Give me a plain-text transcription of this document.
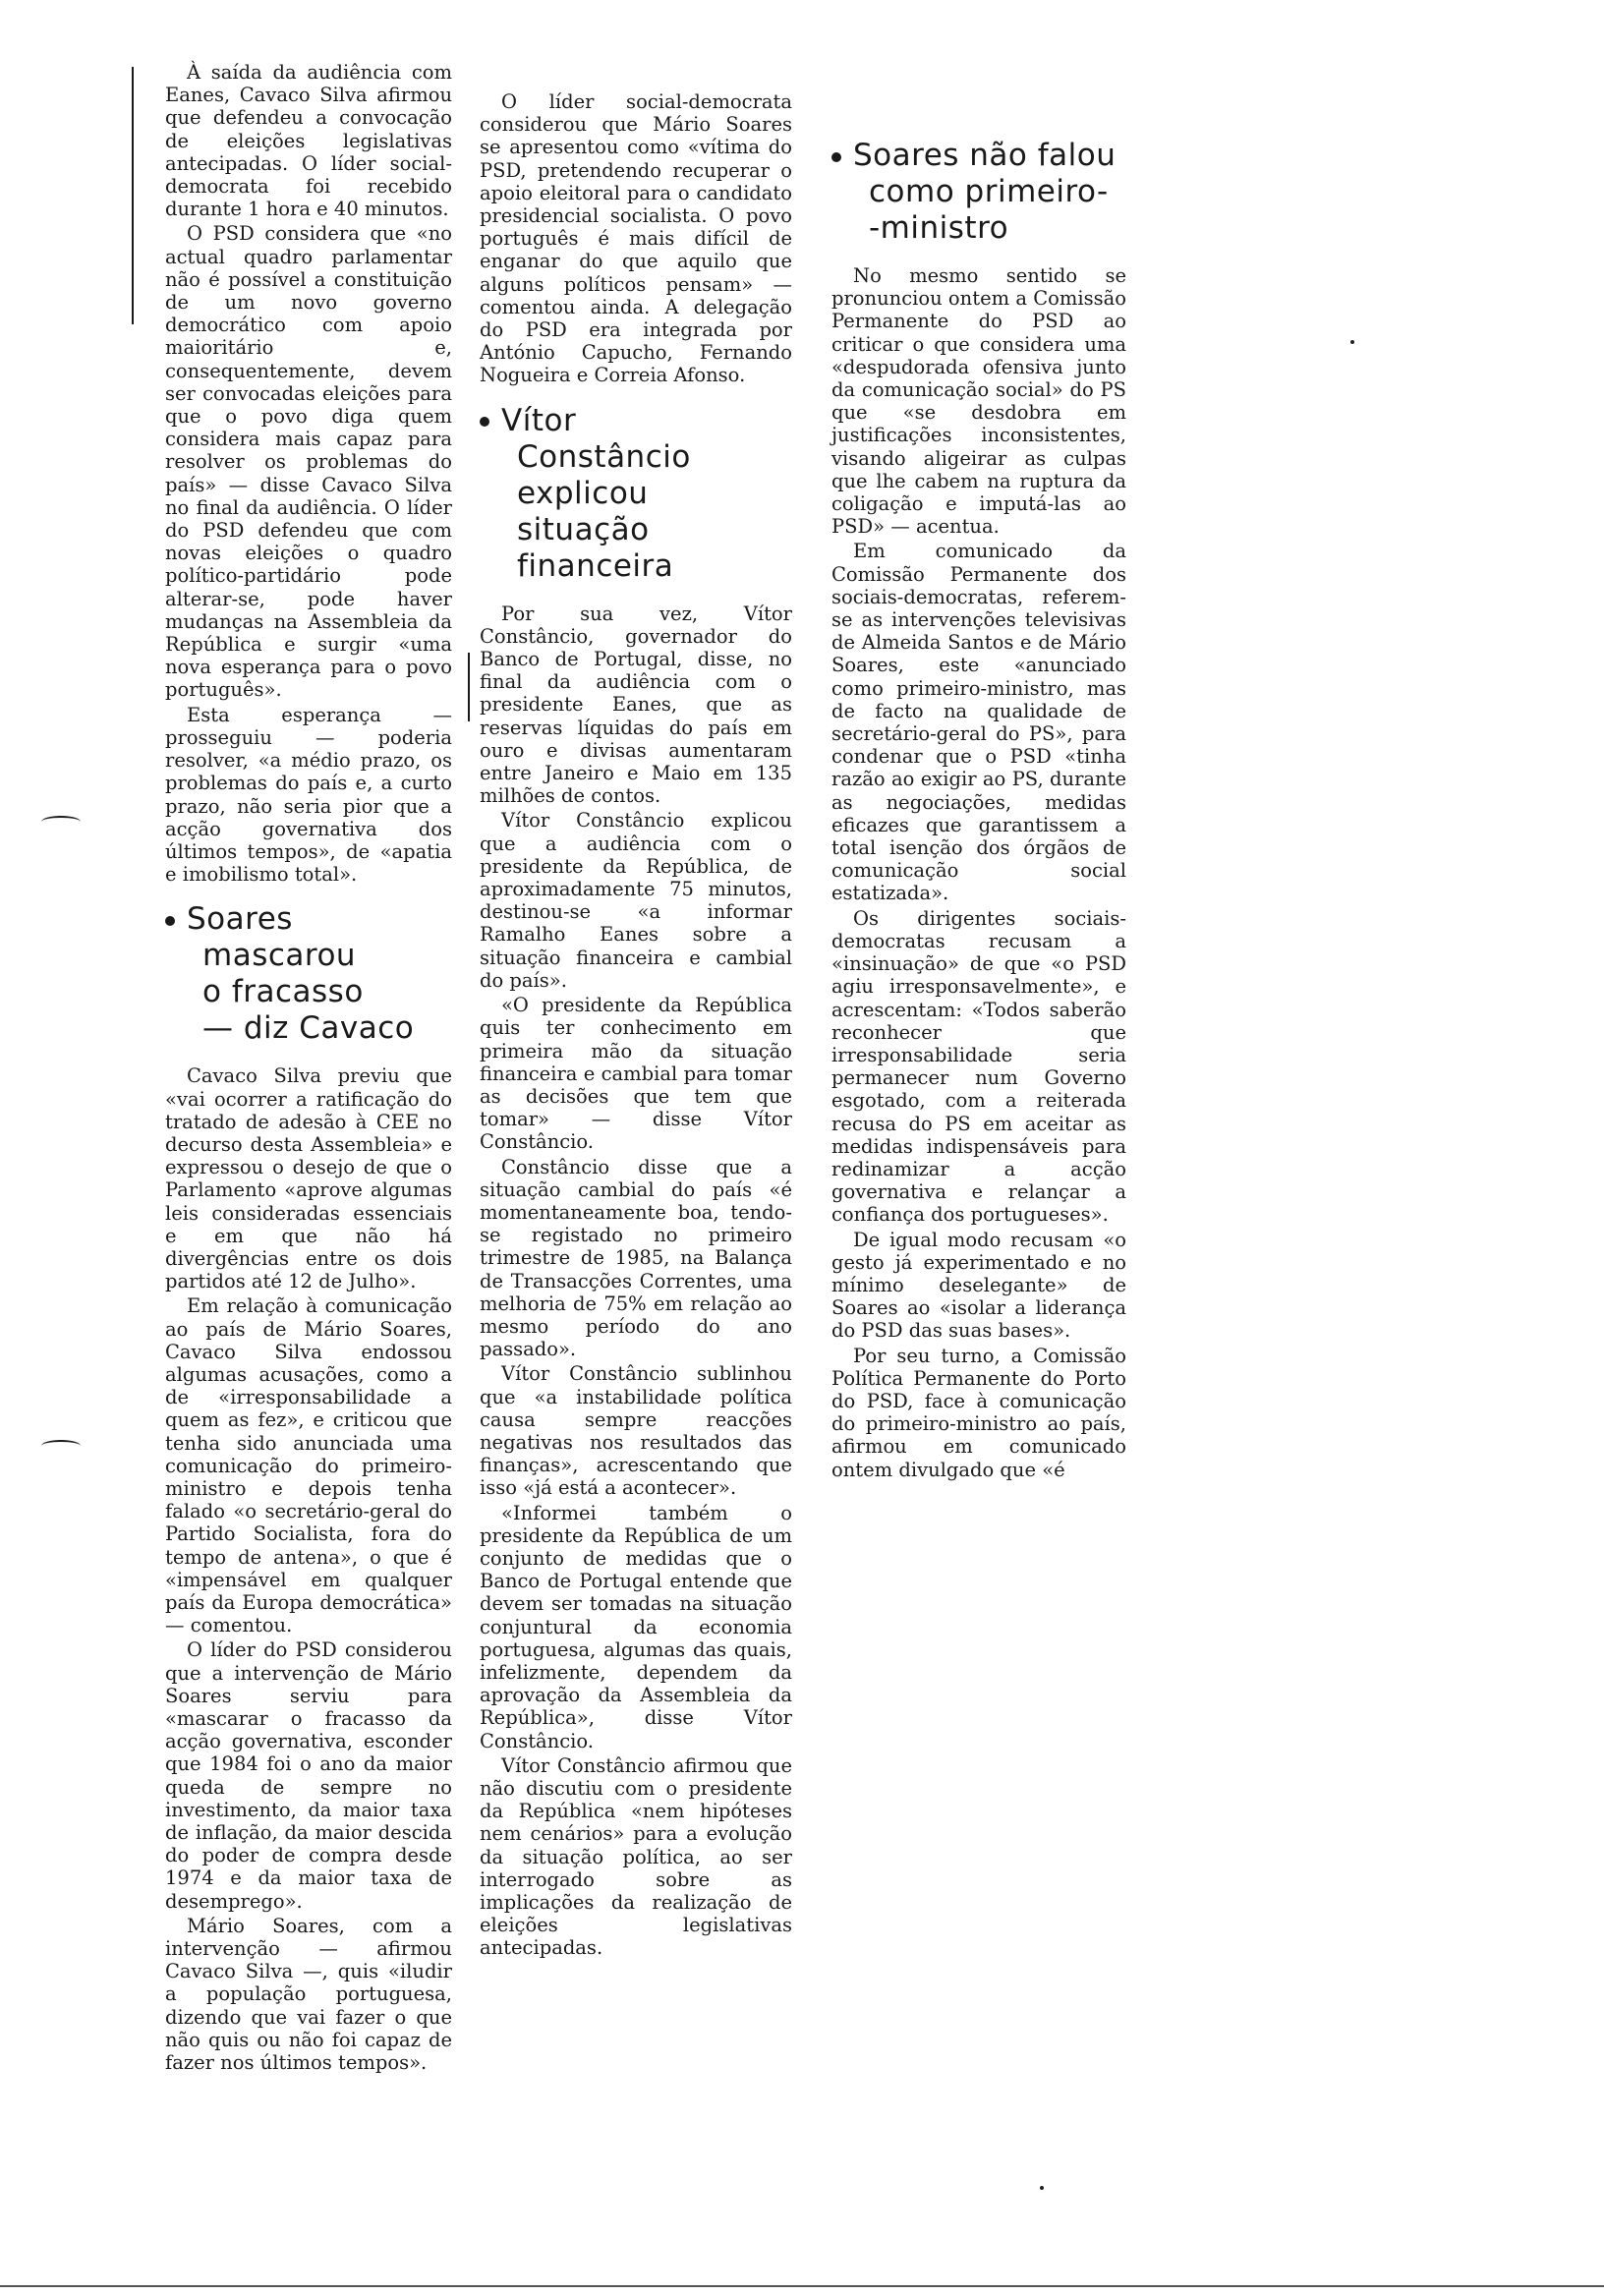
À saída da audiência com Eanes, Cavaco Silva afirmou que defendeu a convocação de eleições legislativas antecipadas. O líder social-democrata foi recebido durante 1 hora e 40 minutos.

O PSD considera que «no actual quadro parlamentar não é possível a constituição de um novo governo democrático com apoio maioritário e, consequentemente, devem ser convocadas eleições para que o povo diga quem considera mais capaz para resolver os problemas do país» — disse Cavaco Silva no final da audiência. O líder do PSD defendeu que com novas eleições o quadro político-partidário pode alterar-se, pode haver mudanças na Assembleia da República e surgir «uma nova esperança para o povo português».

Esta esperança — prosseguiu — poderia resolver, «a médio prazo, os problemas do país e, a curto prazo, não seria pior que a acção governativa dos últimos tempos», de «apatia e imobilismo total».

Soares
mascarou
o fracasso
— diz Cavaco

Cavaco Silva previu que «vai ocorrer a ratificação do tratado de adesão à CEE no decurso desta Assembleia» e expressou o desejo de que o Parlamento «aprove algumas leis consideradas essenciais e em que não há divergências entre os dois partidos até 12 de Julho».

Em relação à comunicação ao país de Mário Soares, Cavaco Silva endossou algumas acusações, como a de «irresponsabilidade a quem as fez», e criticou que tenha sido anunciada uma comunicação do primeiro-ministro e depois tenha falado «o secretário-geral do Partido Socialista, fora do tempo de antena», o que é «impensável em qualquer país da Europa democrática» — comentou.

O líder do PSD considerou que a intervenção de Mário Soares serviu para «mascarar o fracasso da acção governativa, esconder que 1984 foi o ano da maior queda de sempre no investimento, da maior taxa de inflação, da maior descida do poder de compra desde 1974 e da maior taxa de desemprego».

Mário Soares, com a intervenção — afirmou Cavaco Silva —, quis «iludir a população portuguesa, dizendo que vai fazer o que não quis ou não foi capaz de fazer nos últimos tempos».

O líder social-democrata considerou que Mário Soares se apresentou como «vítima do PSD, pretendendo recuperar o apoio eleitoral para o candidato presidencial socialista. O povo português é mais difícil de enganar do que aquilo que alguns políticos pensam» — comentou ainda. A delegação do PSD era integrada por António Capucho, Fernando Nogueira e Correia Afonso.

Vítor
Constâncio
explicou
situação
financeira

Por sua vez, Vítor Constâncio, governador do Banco de Portugal, disse, no final da audiência com o presidente Eanes, que as reservas líquidas do país em ouro e divisas aumentaram entre Janeiro e Maio em 135 milhões de contos.

Vítor Constâncio explicou que a audiência com o presidente da República, de aproximadamente 75 minutos, destinou-se «a informar Ramalho Eanes sobre a situação financeira e cambial do país».

«O presidente da República quis ter conhecimento em primeira mão da situação financeira e cambial para tomar as decisões que tem que tomar» — disse Vítor Constâncio.

Constâncio disse que a situação cambial do país «é momentaneamente boa, tendo-se registado no primeiro trimestre de 1985, na Balança de Transacções Correntes, uma melhoria de 75% em relação ao mesmo período do ano passado».

Vítor Constâncio sublinhou que «a instabilidade política causa sempre reacções negativas nos resultados das finanças», acrescentando que isso «já está a acontecer».

«Informei também o presidente da República de um conjunto de medidas que o Banco de Portugal entende que devem ser tomadas na situação conjuntural da economia portuguesa, algumas das quais, infelizmente, dependem da aprovação da Assembleia da República», disse Vítor Constâncio.

Vítor Constâncio afirmou que não discutiu com o presidente da República «nem hipóteses nem cenários» para a evolução da situação política, ao ser interrogado sobre as implicações da realização de eleições legislativas antecipadas.

Soares não falou
como primeiro-
-ministro

No mesmo sentido se pronunciou ontem a Comissão Permanente do PSD ao criticar o que considera uma «despudorada ofensiva junto da comunicação social» do PS que «se desdobra em justificações inconsistentes, visando aligeirar as culpas que lhe cabem na ruptura da coligação e imputá-las ao PSD» — acentua.

Em comunicado da Comissão Permanente dos sociais-democratas, referem-se as intervenções televisivas de Almeida Santos e de Mário Soares, este «anunciado como primeiro-ministro, mas de facto na qualidade de secretário-geral do PS», para condenar que o PSD «tinha razão ao exigir ao PS, durante as negociações, medidas eficazes que garantissem a total isenção dos órgãos de comunicação social estatizada».

Os dirigentes sociais-democratas recusam a «insinuação» de que «o PSD agiu irresponsavelmente», e acrescentam: «Todos saberão reconhecer que irresponsabilidade seria permanecer num Governo esgotado, com a reiterada recusa do PS em aceitar as medidas indispensáveis para redinamizar a acção governativa e relançar a confiança dos portugueses».

De igual modo recusam «o gesto já experimentado e no mínimo deselegante» de Soares ao «isolar a liderança do PSD das suas bases».

Por seu turno, a Comissão Política Permanente do Porto do PSD, face à comunicação do primeiro-ministro ao país, afirmou em comunicado ontem divulgado que «é
